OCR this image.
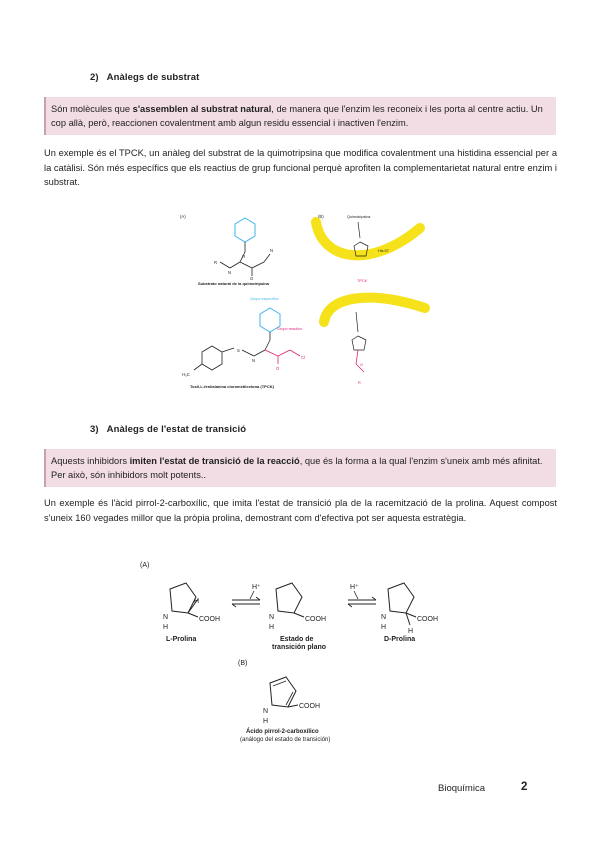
2) Anàlegs de substrat
Són molècules que s'assemblen al substrat natural, de manera que l'enzim les reconeix i les porta al centre actiu. Un cop allà, però, reaccionen covalentment amb algun residu essencial i inactiven l'enzim.
Un exemple és el TPCK, un anàleg del substrat de la quimotripsina que modifica covalentment una histidina essencial per a la catàlisi. Són més específics que els reactius de grup funcional perquè aprofiten la complementarietat natural entre enzim i substrat.
(A)
R
N
O
H
N
Substrato natural de la quimotripsina
(B)	Quimotripsina
His 57
TPCK
Grupo específico
Grupo reactivo
Cl
O
N
S
H₃C
Tosil-L-fenilalanina clorometilcetona (TPCK)
O
R
3) Anàlegs de l'estat de transició
Aquests inhibidors imiten l'estat de transició de la reacció, que és la forma a la qual l'enzim s'uneix amb més afinitat. Per això, són inhibidors molt potents..
Un exemple és l'àcid pirrol-2-carboxílic, que imita l'estat de transició pla de la racemització de la prolina. Aquest compost s'uneix 160 vegades millor que la pròpia prolina, demostrant com d'efectiva pot ser aquesta estratègia.
(A)
H
N
H
COOH
L-Prolina
H⁺
N
H
COOH
Estado de
transición plano
H⁺
H
N
H
COOH
D-Prolina
(B)
N
H
COOH
Ácido pirrol-2-carboxílico
(análogo del estado de transición)
Bioquímica	2
